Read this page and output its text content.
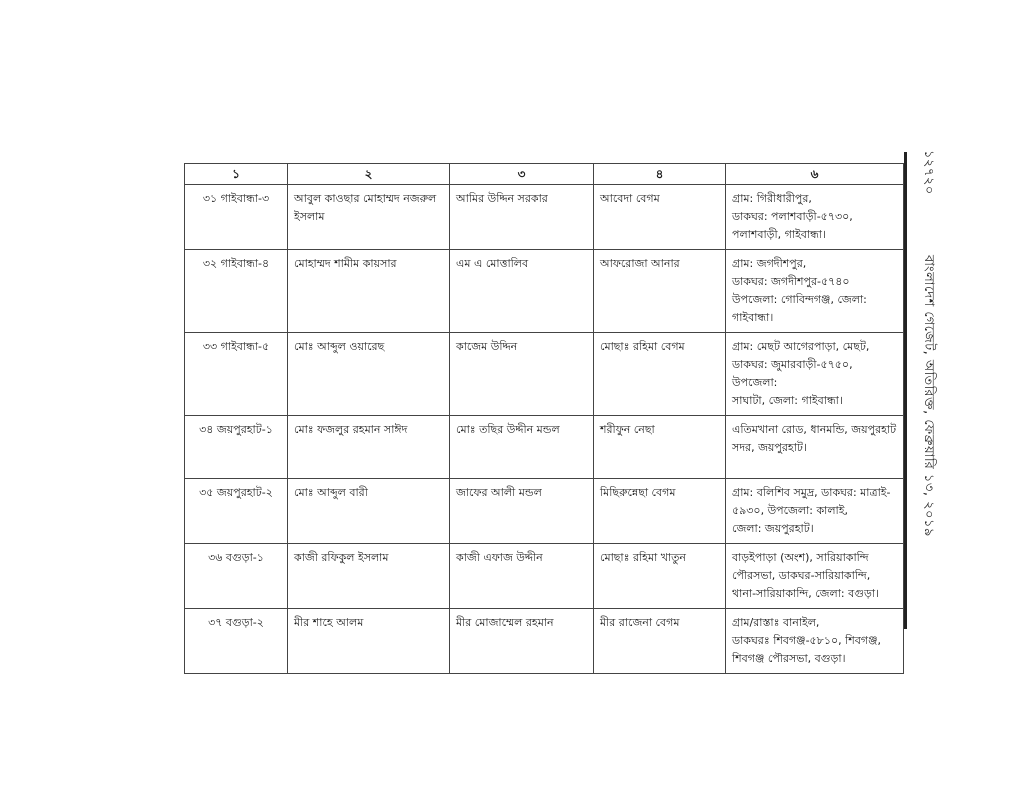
১	২	৩	৪	৬
৩১ গাইবান্ধা-৩	আবুল কাওছার মোহাম্মদ নজরুল ইসলাম	আমির উদ্দিন সরকার	আবেদা বেগম	গ্রাম: গিরীধারীপুর,
ডাকঘর: পলাশবাড়ী-৫৭৩০,
পলাশবাড়ী, গাইবান্ধা।

৩২ গাইবান্ধা-৪	মোহাম্মদ শামীম কায়সার	এম এ মোত্তালিব	আফরোজা আনার	গ্রাম: জগদীশপুর,
ডাকঘর: জগদীশপুর-৫৭৪০
উপজেলা: গোবিন্দগঞ্জ, জেলা: গাইবান্ধা।

৩৩ গাইবান্ধা-৫	মোঃ আব্দুল ওয়ারেছ	কাজেম উদ্দিন	মোছাঃ রহিমা বেগম	গ্রাম: মেছট আগেরপাড়া, মেছট,
ডাকঘর: জুমারবাড়ী-৫৭৫০, উপজেলা:
সাঘাটা, জেলা: গাইবান্ধা।

৩৪ জয়পুরহাট-১	মোঃ ফজলুর রহমান সাঈদ	মোঃ তছির উদ্দীন মন্ডল	শরীফুন নেছা	এতিমখানা রোড, ধানমন্ডি, জয়পুরহাট
সদর, জয়পুরহাট।

৩৫ জয়পুরহাট-২	মোঃ আব্দুল বারী	জাফের আলী মন্ডল	মিছিরুন্নেছা বেগম	গ্রাম: বলিশিব সমুদ্র, ডাকঘর: মাত্রাই-
৫৯৩০, উপজেলা: কালাই,
জেলা: জয়পুরহাট।

৩৬ বগুড়া-১	কাজী রফিকুল ইসলাম	কাজী এফাজ উদ্দীন	মোছাঃ রহিমা খাতুন	বাড়ইপাড়া (অংশ), সারিয়াকান্দি
পৌরসভা, ডাকঘর-সারিয়াকান্দি,
থানা-সারিয়াকান্দি, জেলা: বগুড়া।

৩৭ বগুড়া-২	মীর শাহে আলম	মীর মোজাম্মেল রহমান	মীর রাজেনা বেগম	গ্রাম/রাস্তাঃ বানাইল,
ডাকঘরঃ শিবগঞ্জ-৫৮১০, শিবগঞ্জ,
শিবগঞ্জ পৌরসভা, বগুড়া।
১২৭২০বাংলাদেশ গেজেট, অতিরিক্ত, ফেব্রুয়ারি ১৩, ২০১৯
